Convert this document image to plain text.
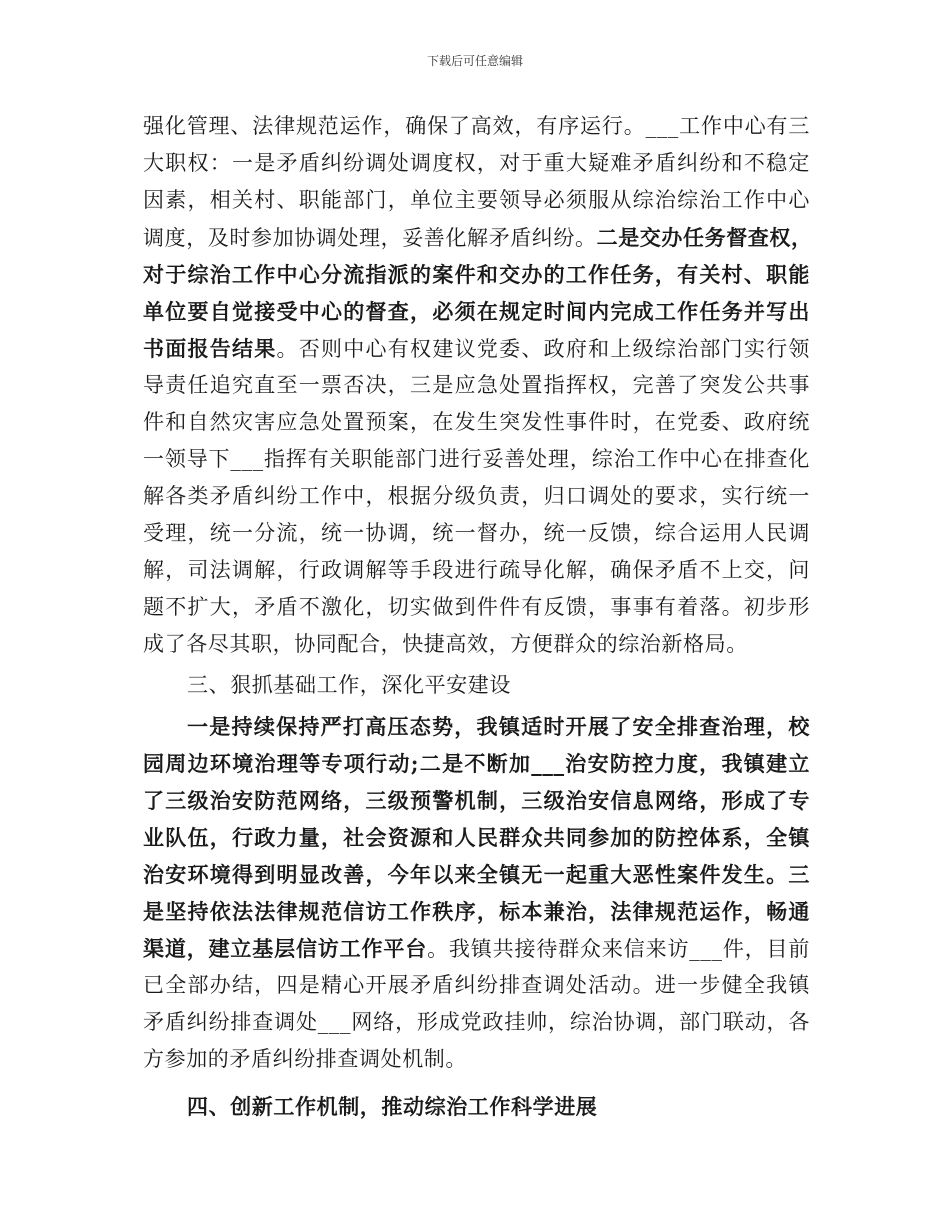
下载后可任意编辑
强化管理、法律规范运作，确保了高效，有序运行。___工作中心有三
大职权：一是矛盾纠纷调处调度权，对于重大疑难矛盾纠纷和不稳定
因素，相关村、职能部门，单位主要领导必须服从综治综治工作中心
调度，及时参加协调处理，妥善化解矛盾纠纷。二是交办任务督查权，
对于综治工作中心分流指派的案件和交办的工作任务，有关村、职能
单位要自觉接受中心的督查，必须在规定时间内完成工作任务并写出
书面报告结果。否则中心有权建议党委、政府和上级综治部门实行领
导责任追究直至一票否决，三是应急处置指挥权，完善了突发公共事
件和自然灾害应急处置预案，在发生突发性事件时，在党委、政府统
一领导下___指挥有关职能部门进行妥善处理，综治工作中心在排查化
解各类矛盾纠纷工作中，根据分级负责，归口调处的要求，实行统一
受理，统一分流，统一协调，统一督办，统一反馈，综合运用人民调
解，司法调解，行政调解等手段进行疏导化解，确保矛盾不上交，问
题不扩大，矛盾不激化，切实做到件件有反馈，事事有着落。初步形
成了各尽其职，协同配合，快捷高效，方便群众的综治新格局。
三、狠抓基础工作，深化平安建设
一是持续保持严打高压态势，我镇适时开展了安全排查治理，校
园周边环境治理等专项行动;二是不断加___治安防控力度，我镇建立
了三级治安防范网络，三级预警机制，三级治安信息网络，形成了专
业队伍，行政力量，社会资源和人民群众共同参加的防控体系，全镇
治安环境得到明显改善，今年以来全镇无一起重大恶性案件发生。三
是坚持依法法律规范信访工作秩序，标本兼治，法律规范运作，畅通
渠道，建立基层信访工作平台。我镇共接待群众来信来访___件，目前
已全部办结，四是精心开展矛盾纠纷排查调处活动。进一步健全我镇
矛盾纠纷排查调处___网络，形成党政挂帅，综治协调，部门联动，各
方参加的矛盾纠纷排查调处机制。
四、创新工作机制，推动综治工作科学进展
